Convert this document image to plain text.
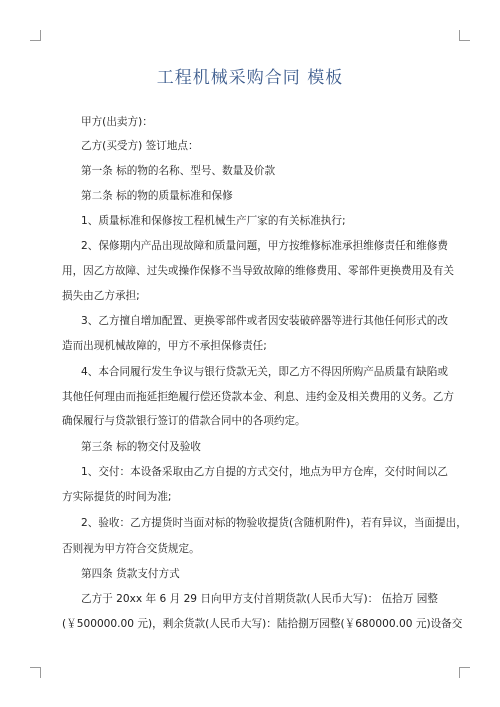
工程机械采购合同 模板
甲方(出卖方)：
乙方(买受方) 签订地点：
第一条 标的物的名称、型号、数量及价款
第二条 标的物的质量标准和保修
1、质量标准和保修按工程机械生产厂家的有关标准执行;
2、保修期内产品出现故障和质量问题，甲方按维修标准承担维修责任和维修费
用，因乙方故障、过失或操作保修不当导致故障的维修费用、零部件更换费用及有关
损失由乙方承担;
3、乙方擅自增加配置、更换零部件或者因安装破碎器等进行其他任何形式的改
造而出现机械故障的，甲方不承担保修责任;
4、本合同履行发生争议与银行贷款无关，即乙方不得因所购产品质量有缺陷或
其他任何理由而拖延拒绝履行偿还贷款本金、利息、违约金及相关费用的义务。乙方
确保履行与贷款银行签订的借款合同中的各项约定。
第三条 标的物交付及验收
1、交付：本设备采取由乙方自提的方式交付，地点为甲方仓库，交付时间以乙
方实际提货的时间为准;
2、验收：乙方提货时当面对标的物验收提货(含随机附件)，若有异议，当面提出，
否则视为甲方符合交货规定。
第四条 货款支付方式
乙方于 20xx 年 6 月 29 日向甲方支付首期货款(人民币大写)： 伍拾万 园整
(￥500000.00 元)，剩余货款(人民币大写)：陆拾捌万园整(￥680000.00 元)设备交
